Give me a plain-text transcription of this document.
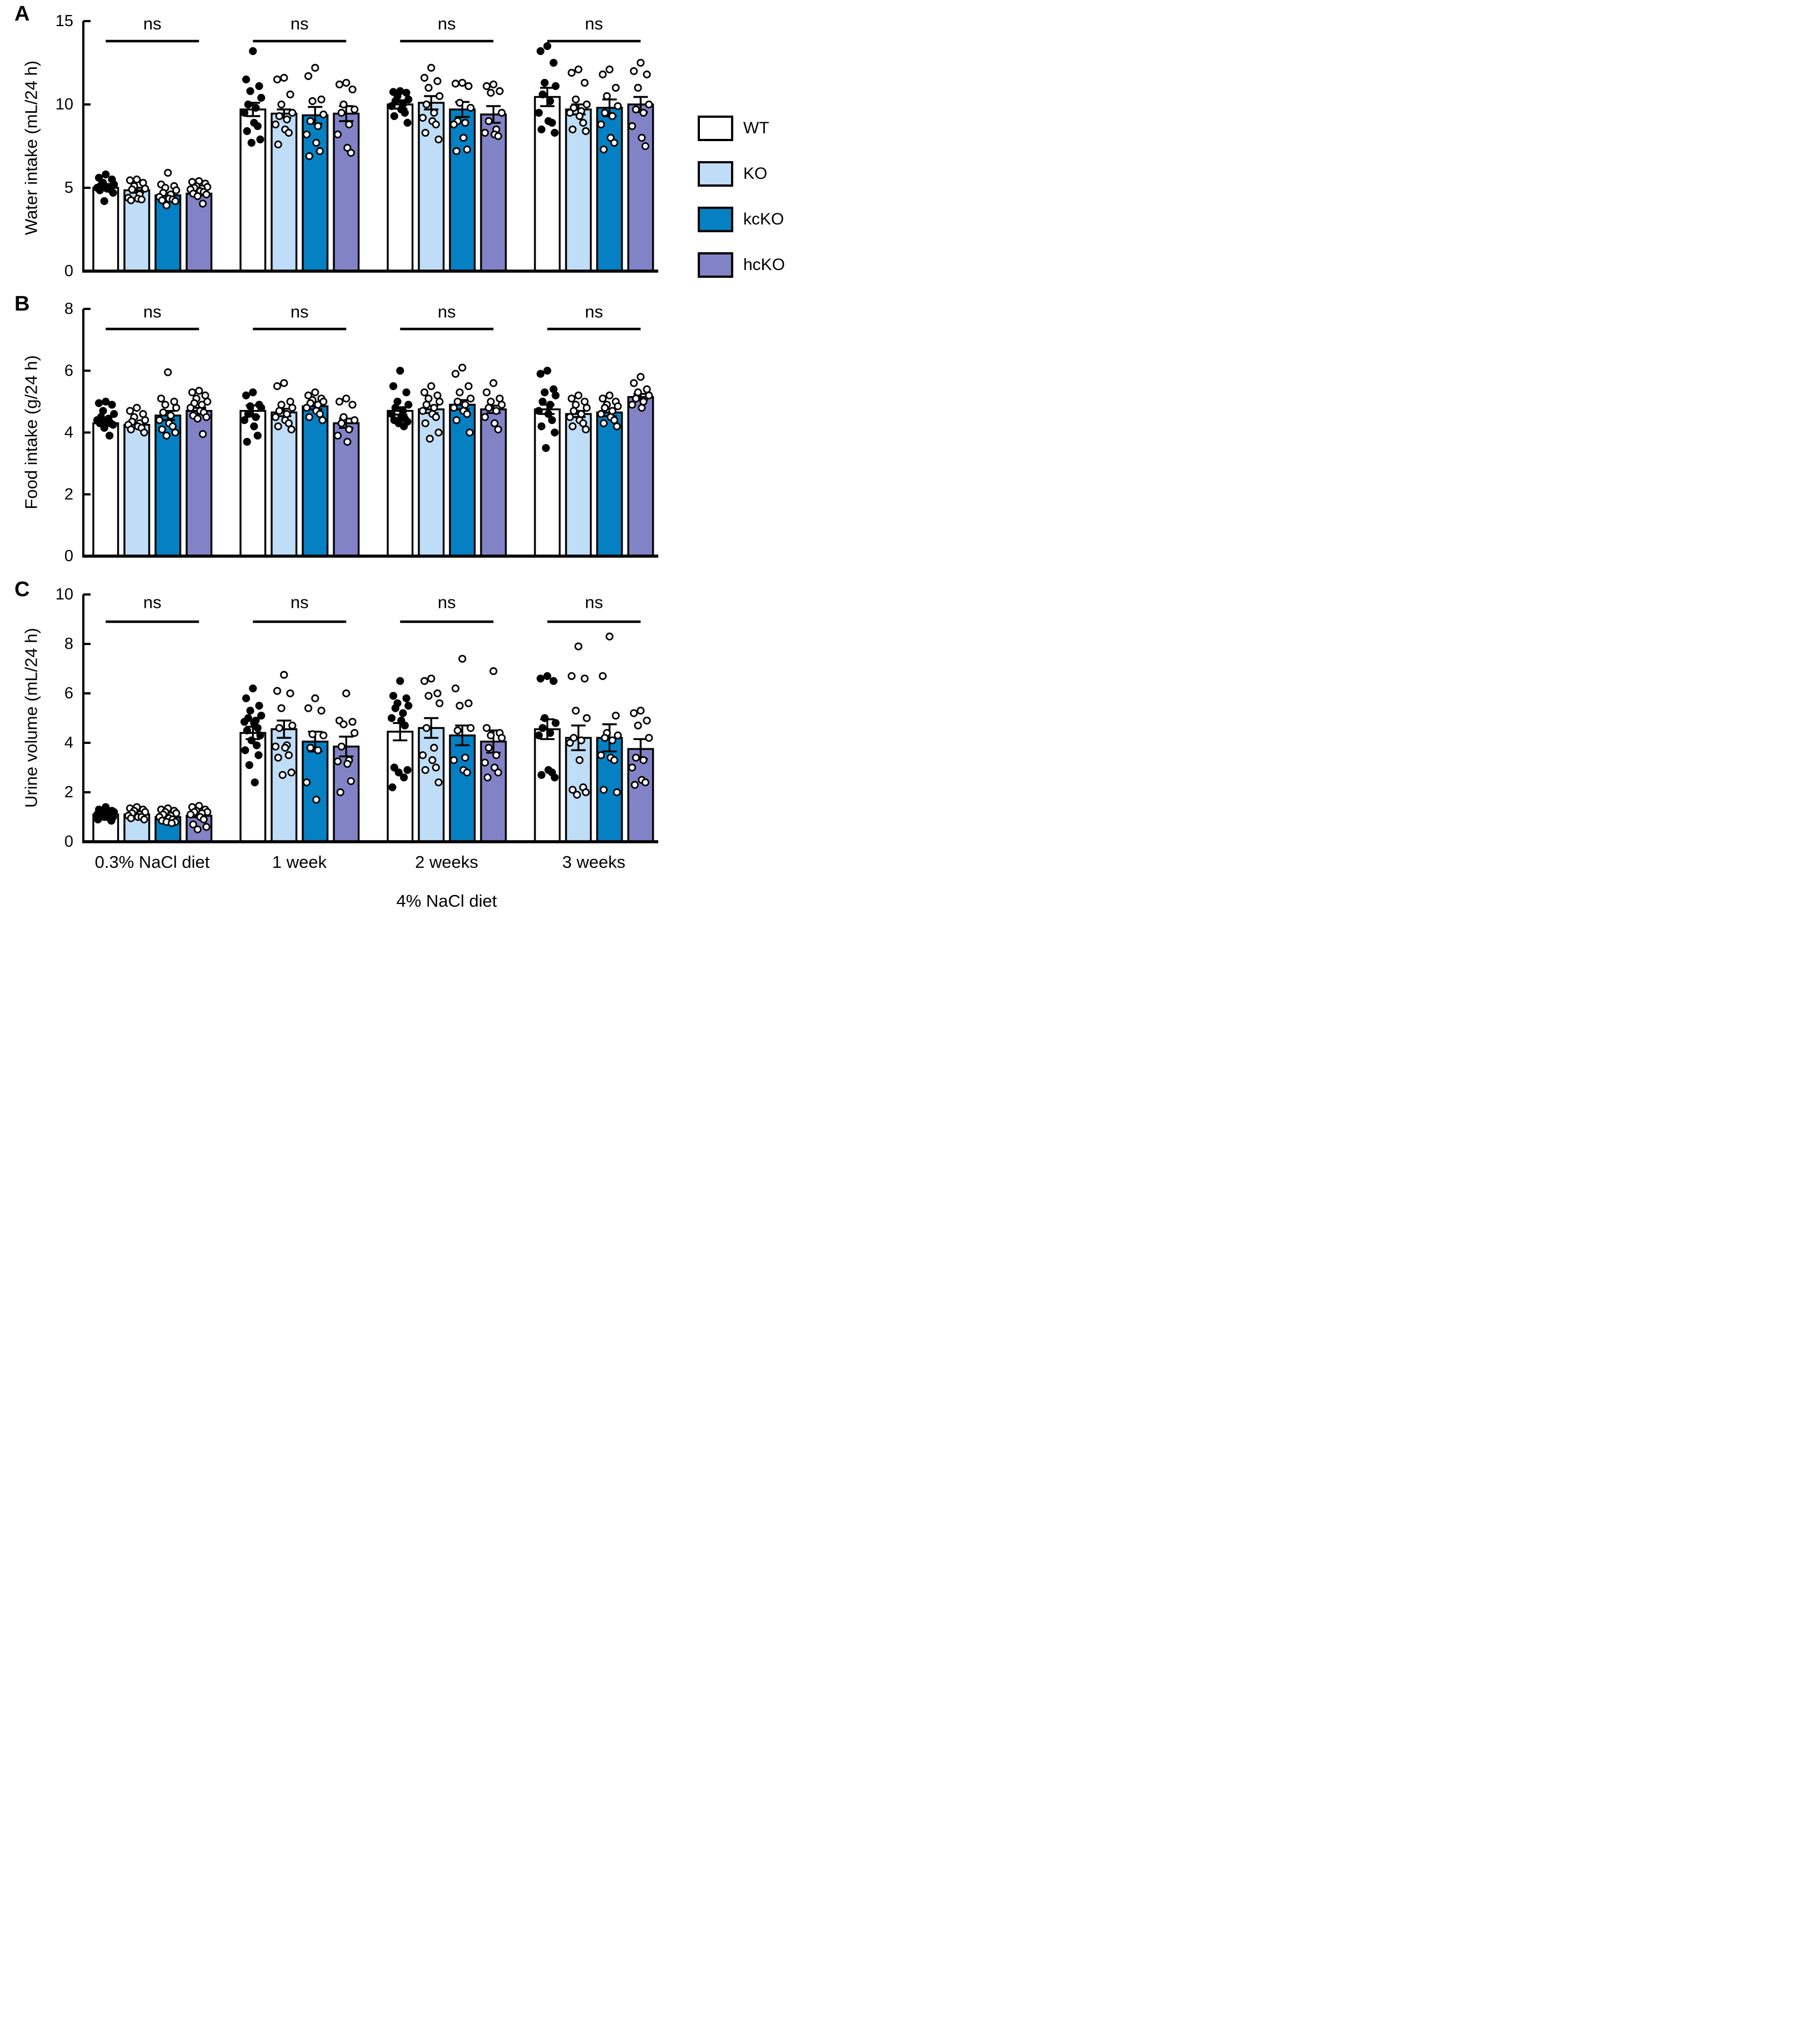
A
Water intake (mL/24 h)
0
5
10
15	ns	ns	ns	ns
WT
KO
kcKO
hcKO
B
Food intake (g/24 h)
0
2
4
6
8	ns	ns	ns	ns
C
Urine volume (mL/24 h)
0
2
4
6
8
10	ns	ns	ns	ns
0.3% NaCl diet	1 week	2 weeks	3 weeks
4% NaCl diet
